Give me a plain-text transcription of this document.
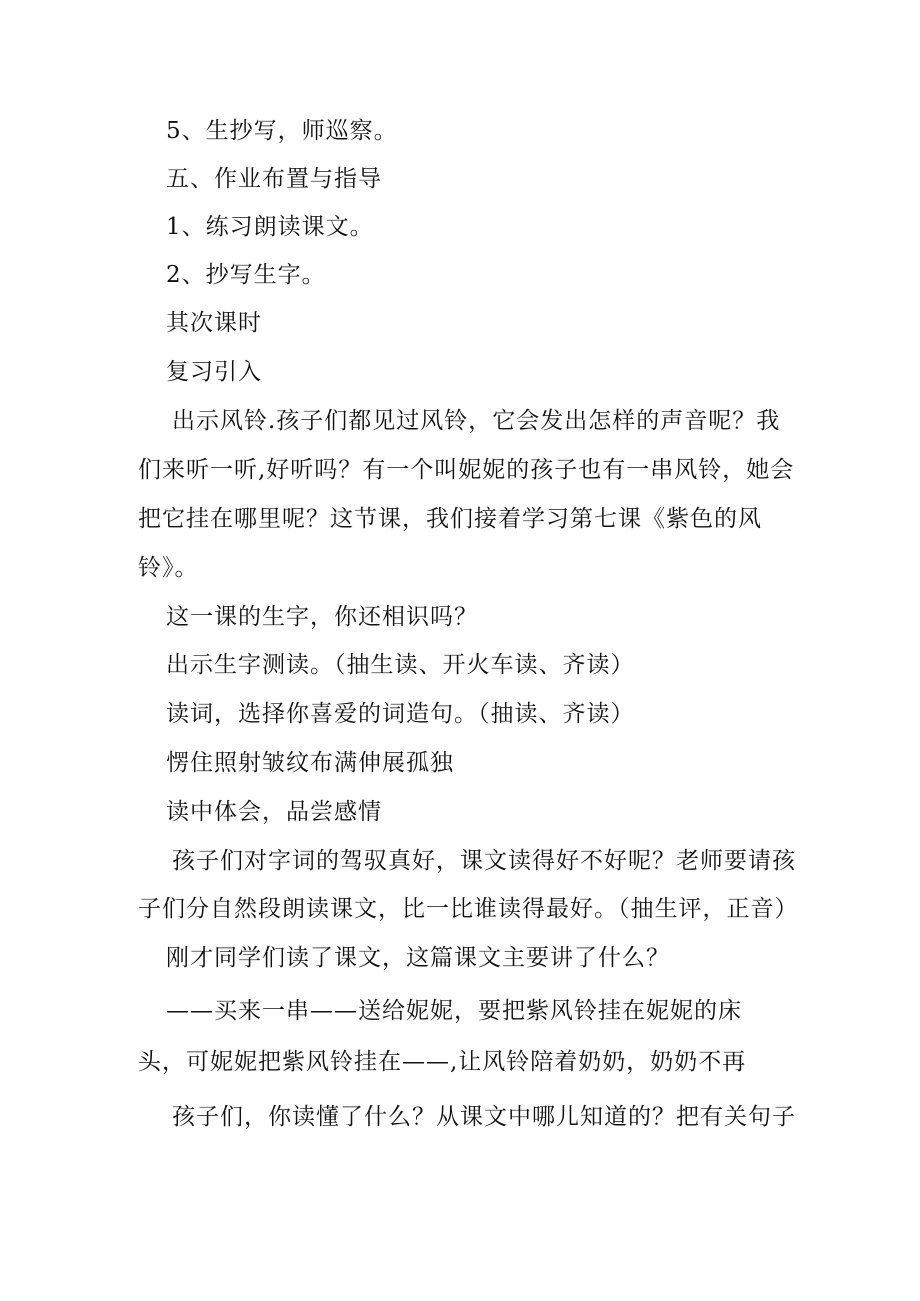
5、生抄写，师巡察。
五、作业布置与指导
1、练习朗读课文。
2、抄写生字。
其次课时
复习引入
出示风铃.孩子们都见过风铃，它会发出怎样的声音呢？我
们来听一听,好听吗？有一个叫妮妮的孩子也有一串风铃，她会
把它挂在哪里呢？这节课，我们接着学习第七课《紫色的风
铃》。
这一课的生字，你还相识吗？
出示生字测读。（抽生读、开火车读、齐读）
读词，选择你喜爱的词造句。（抽读、齐读）
愣住照射皱纹布满伸展孤独
读中体会，品尝感情
孩子们对字词的驾驭真好，课文读得好不好呢？老师要请孩
子们分自然段朗读课文，比一比谁读得最好。（抽生评，正音）
刚才同学们读了课文，这篇课文主要讲了什么？
——买来一串——送给妮妮，要把紫风铃挂在妮妮的床
头，可妮妮把紫风铃挂在——,让风铃陪着奶奶，奶奶不再
孩子们，你读懂了什么？从课文中哪儿知道的？把有关句子
